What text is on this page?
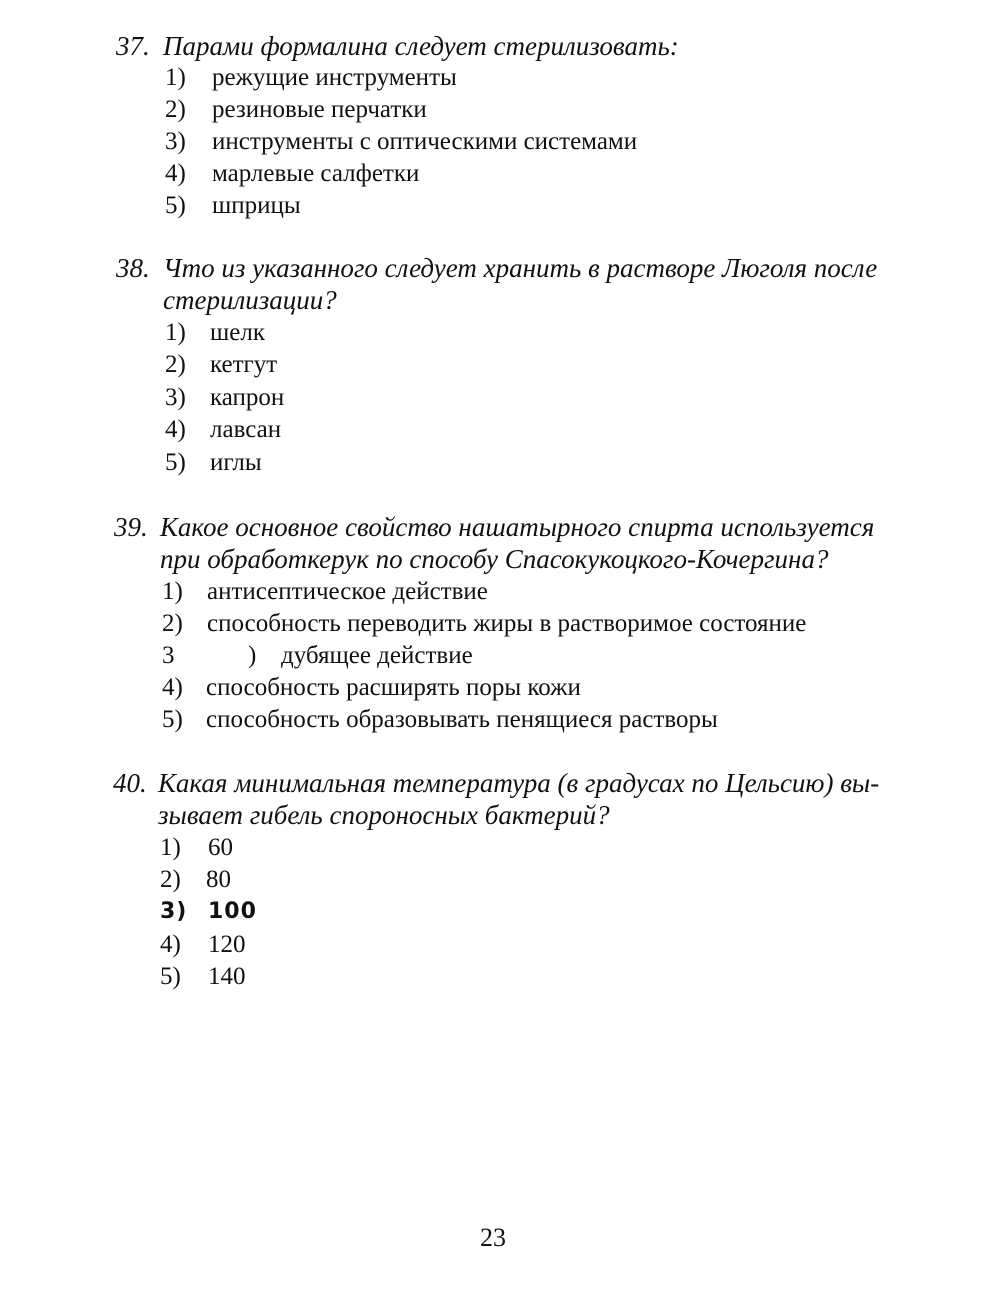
37. Парами формалина следует стерилизовать:
1) режущие инструменты
2) резиновые перчатки
3) инструменты с оптическими системами
4) марлевые салфетки
5) шприцы
38. Что из указанного следует хранить в растворе Люголя после
стерилизации?
1) шелк
2) кетгут
3) капрон
4) лавсан
5) иглы
39. Какое основное свойство нашатырного спирта используется
при обработкерук по способу Спасокукоцкого-Кочергина?
1) антисептическое действие
2) способность переводить жиры в растворимое состояние
3	) дубящее действие
4) способность расширять поры кожи
5) способность образовывать пенящиеся растворы
40. Какая минимальная температура (в градусах по Цельсию) вы-
зывает гибель спороносных бактерий?
1) 60
2) 80
3) 100
4) 120
5) 140
23
